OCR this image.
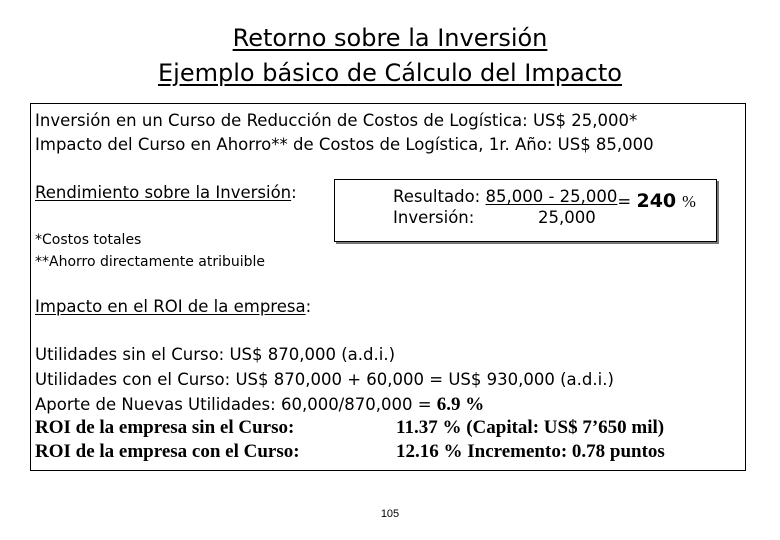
Retorno sobre la Inversión
Ejemplo básico de Cálculo del Impacto
Inversión en un Curso de Reducción de Costos de Logística: US$ 25,000*
Impacto del Curso en Ahorro** de Costos de Logística, 1r. Año: US$ 85,000
Rendimiento sobre la Inversión:	Resultado: 85,000 - 25,000= 240 %
Inversión:	25,000
*Costos totales
**Ahorro directamente atribuible
Impacto en el ROI de la empresa:
Utilidades sin el Curso: US$ 870,000 (a.d.i.)
Utilidades con el Curso: US$ 870,000 + 60,000 = US$ 930,000 (a.d.i.)
Aporte de Nuevas Utilidades: 60,000/870,000 = 6.9 %
ROI de la empresa sin el Curso:	11.37 % (Capital: US$ 7’650 mil)
ROI de la empresa con el Curso:	12.16 % Incremento: 0.78 puntos
105
